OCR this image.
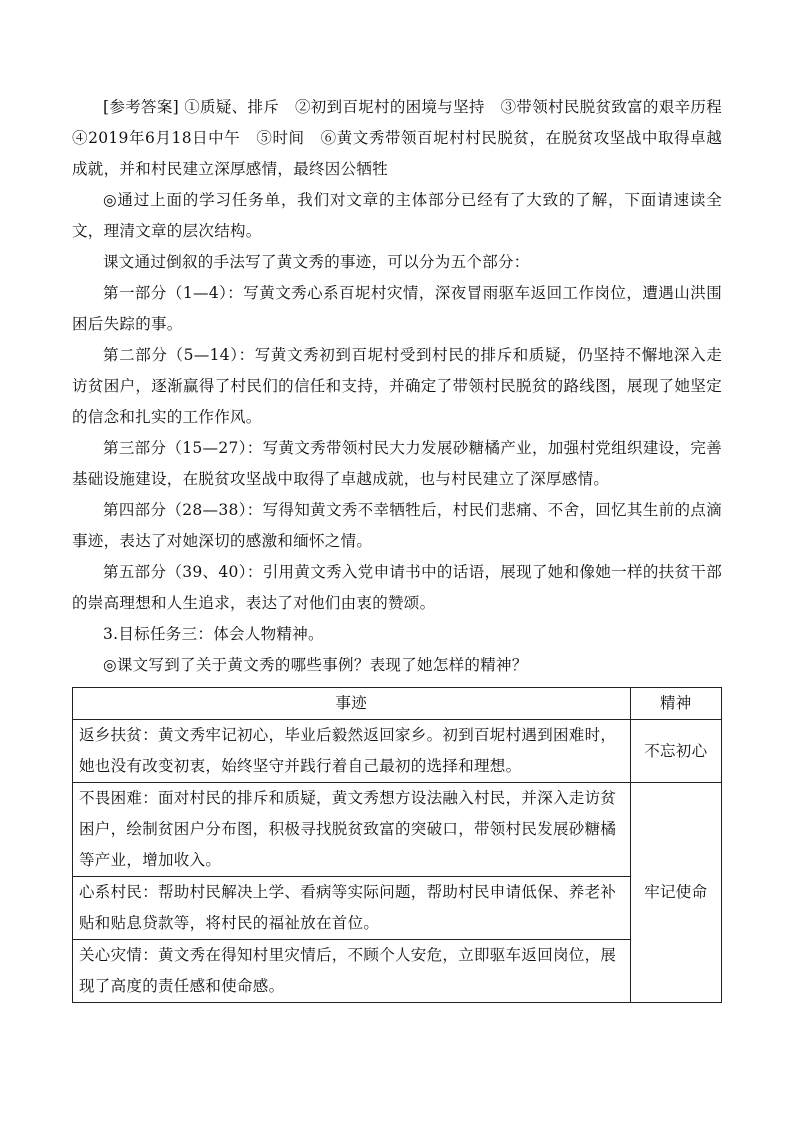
[参考答案] ①质疑、排斥　②初到百坭村的困境与坚持　③带领村民脱贫致富的艰辛历程　④2019年6月18日中午　⑤时间　⑥黄文秀带领百坭村村民脱贫，在脱贫攻坚战中取得卓越成就，并和村民建立深厚感情，最终因公牺牲

◎通过上面的学习任务单，我们对文章的主体部分已经有了大致的了解，下面请速读全文，理清文章的层次结构。

课文通过倒叙的手法写了黄文秀的事迹，可以分为五个部分：

第一部分（1—4）：写黄文秀心系百坭村灾情，深夜冒雨驱车返回工作岗位，遭遇山洪围困后失踪的事。

第二部分（5—14）：写黄文秀初到百坭村受到村民的排斥和质疑，仍坚持不懈地深入走访贫困户，逐渐赢得了村民们的信任和支持，并确定了带领村民脱贫的路线图，展现了她坚定的信念和扎实的工作作风。

第三部分（15—27）：写黄文秀带领村民大力发展砂糖橘产业，加强村党组织建设，完善基础设施建设，在脱贫攻坚战中取得了卓越成就，也与村民建立了深厚感情。

第四部分（28—38）：写得知黄文秀不幸牺牲后，村民们悲痛、不舍，回忆其生前的点滴事迹，表达了对她深切的感激和缅怀之情。

第五部分（39、40）：引用黄文秀入党申请书中的话语，展现了她和像她一样的扶贫干部的崇高理想和人生追求，表达了对他们由衷的赞颂。

3.目标任务三：体会人物精神。

◎课文写到了关于黄文秀的哪些事例？表现了她怎样的精神？

事迹	精神
返乡扶贫：黄文秀牢记初心，毕业后毅然返回家乡。初到百坭村遇到困难时，她也没有改变初衷，始终坚守并践行着自己最初的选择和理想。	不忘初心
不畏困难：面对村民的排斥和质疑，黄文秀想方设法融入村民，并深入走访贫困户，绘制贫困户分布图，积极寻找脱贫致富的突破口，带领村民发展砂糖橘等产业，增加收入。	牢记使命
心系村民：帮助村民解决上学、看病等实际问题，帮助村民申请低保、养老补贴和贴息贷款等，将村民的福祉放在首位。	
关心灾情：黄文秀在得知村里灾情后，不顾个人安危，立即驱车返回岗位，展现了高度的责任感和使命感。	
